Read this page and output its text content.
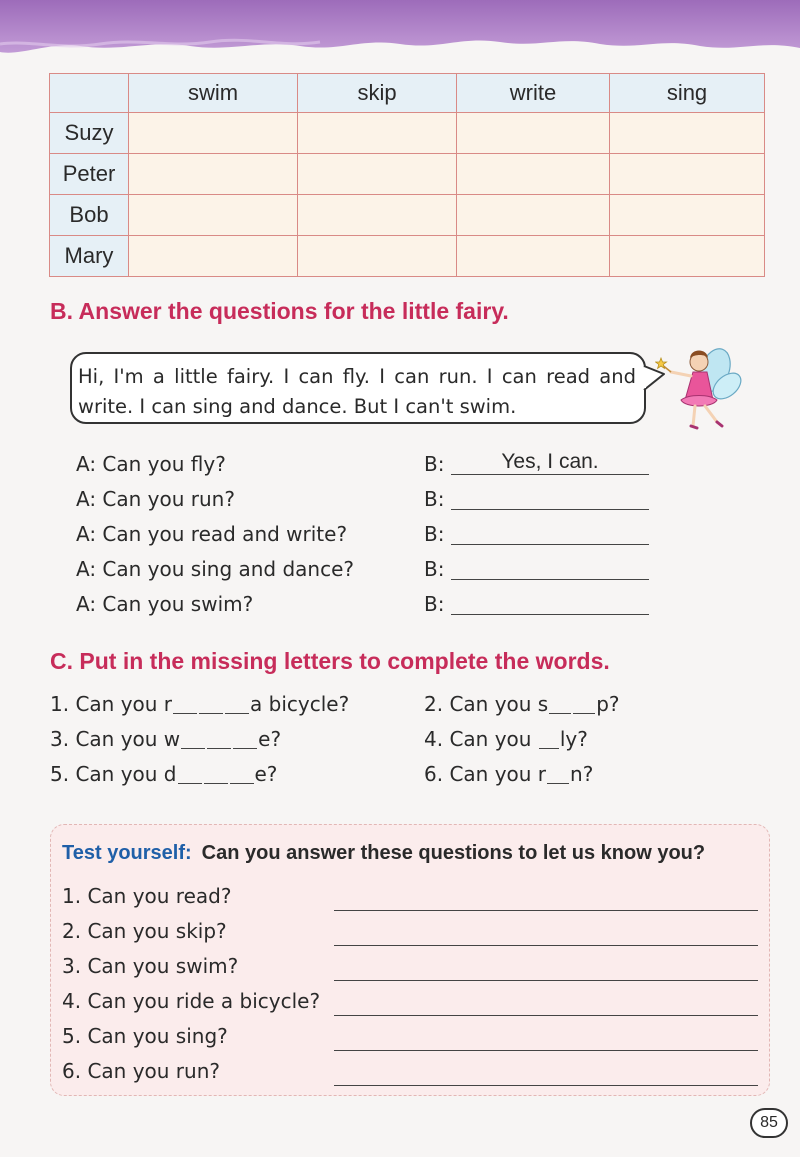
	swim	skip	write	sing
Suzy				
Peter				
Bob				
Mary				
B. Answer the questions for the little fairy.
Hi, I'm a little fairy. I can fly. I can run. I can read and write. I can sing and dance. But I can't swim.
A: Can you fly?	B:	Yes, I can.
A: Can you run?	B:
A: Can you read and write?	B:
A: Can you sing and dance?	B:
A: Can you swim?	B:
C. Put in the missing letters to complete the words.
1. Can you r	a bicycle?	2. Can you s p?
3. Can you w	e?	4. Can you ly?
5. Can you d	e?	6. Can you r n?
Test yourself: Can you answer these questions to let us know you?
1. Can you read?
2. Can you skip?
3. Can you swim?
4. Can you ride a bicycle?
5. Can you sing?
6. Can you run?
85
